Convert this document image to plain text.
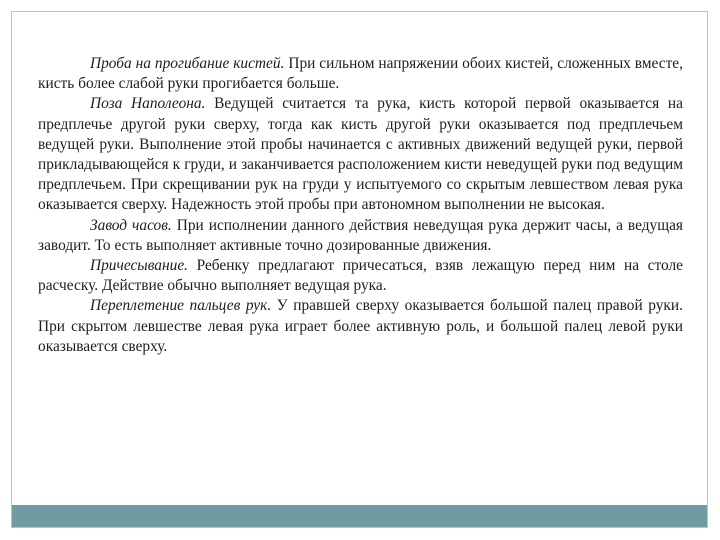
Проба на прогибание кистей. При сильном напряжении обоих кистей, сложенных вместе, кисть более слабой руки прогибается больше.

Поза Наполеона. Ведущей считается та рука, кисть которой первой оказывается на предплечье другой руки сверху, тогда как кисть другой руки оказывается под предплечьем ведущей руки. Выполнение этой пробы начинается с активных движений ведущей руки, первой прикладывающейся к груди, и заканчивается расположением кисти неведущей руки под ведущим предплечьем. При скрещивании рук на груди у испытуемого со скрытым левшеством левая рука оказывается сверху. Надежность этой пробы при автономном выполнении не высокая.

Завод часов. При исполнении данного действия неведущая рука держит часы, а ведущая заводит. То есть выполняет активные точно дозированные движения.

Причесывание. Ребенку предлагают причесаться, взяв лежащую перед ним на столе расческу. Действие обычно выполняет ведущая рука.

Переплетение пальцев рук. У правшей сверху оказывается большой палец правой руки. При скрытом левшестве левая рука играет более активную роль, и большой палец левой руки оказывается сверху.
